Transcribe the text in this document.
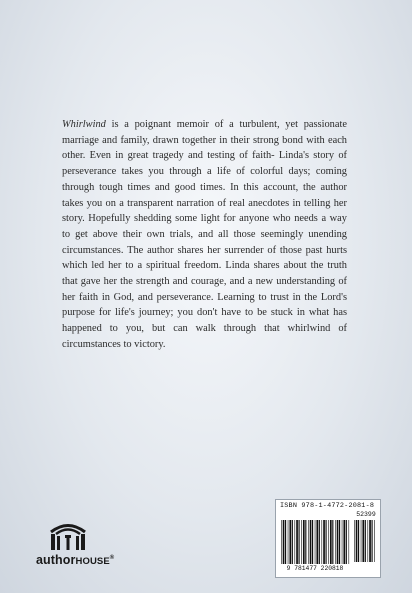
Whirlwind is a poignant memoir of a turbulent, yet passionate marriage and family, drawn together in their strong bond with each other. Even in great tragedy and testing of faith- Linda's story of perseverance takes you through a life of colorful days; coming through tough times and good times. In this account, the author takes you on a transparent narration of real anecdotes in telling her story. Hopefully shedding some light for anyone who needs a way to get above their own trials, and all those seemingly unending circumstances. The author shares her surrender of those past hurts which led her to a spiritual freedom. Linda shares about the truth that gave her the strength and courage, and a new understanding of her faith in God, and perseverance. Learning to trust in the Lord's purpose for life's journey; you don't have to be stuck in what has happened to you, but can walk through that whirlwind of circumstances to victory.

authorHOUSE®
ISBN 978-1-4772-2081-8
52399
9 781477 220818
